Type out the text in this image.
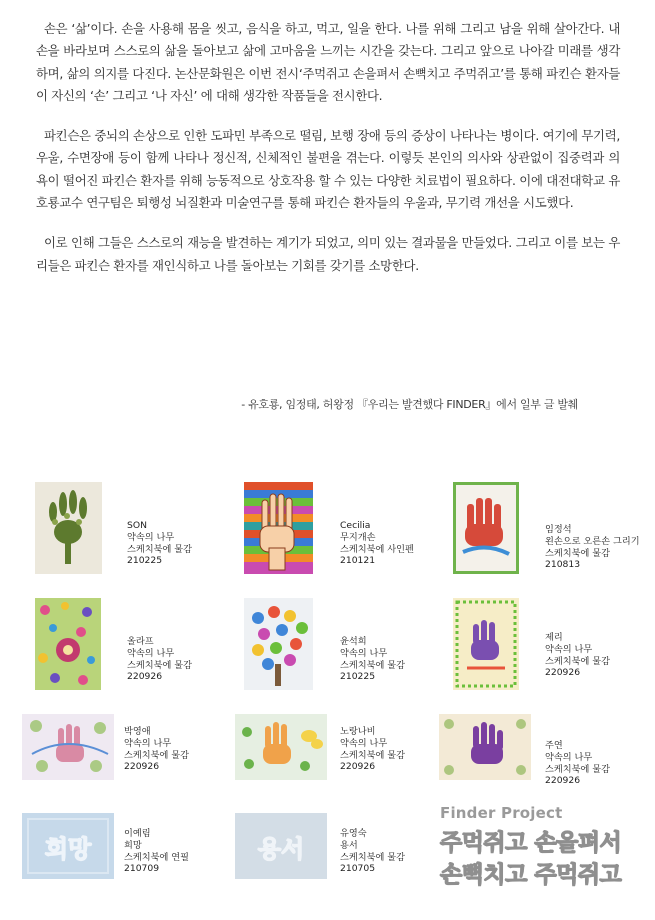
손은 ‘삶’이다. 손을 사용해 몸을 씻고, 음식을 하고, 먹고, 일을 한다. 나를 위해 그리고 남을 위해 살아간다. 내 손을 바라보며 스스로의 삶을 돌아보고 삶에 고마움을 느끼는 시간을 갖는다. 그리고 앞으로 나아갈 미래를 생각하며, 삶의 의지를 다진다. 논산문화원은 이번 전시‘주먹쥐고 손을펴서 손뼉치고 주먹쥐고’를 통해 파킨슨 환자들이 자신의 ‘손’ 그리고 ‘나 자신’ 에 대해 생각한 작품들을 전시한다.

파킨슨은 중뇌의 손상으로 인한 도파민 부족으로 떨림, 보행 장애 등의 증상이 나타나는 병이다. 여기에 무기력, 우울, 수면장애 등이 함께 나타나 정신적, 신체적인 불편을 겪는다. 이렇듯 본인의 의사와 상관없이 집중력과 의욕이 떨어진 파킨슨 환자를 위해 능동적으로 상호작용 할 수 있는 다양한 치료법이 필요하다. 이에 대전대학교 유호룡교수 연구팀은 퇴행성 뇌질환과 미술연구를 통해 파킨슨 환자들의 우울과, 무기력 개선을 시도했다.

이로 인해 그들은 스스로의 재능을 발견하는 계기가 되었고, 의미 있는 결과물을 만들었다. 그리고 이를 보는 우리들은 파킨슨 환자를 재인식하고 나를 돌아보는 기회를 갖기를 소망한다.

- 유호룡, 임정태, 허왕정 『우리는 발견했다 FINDER』에서 일부 글 발췌
SON
약속의 나무
스케치북에 물감
210225
Cecilia
무지개손
스케치북에 사인펜
210121
임정석
왼손으로 오른손 그리기
스케치북에 물감
210813
올라프
약속의 나무
스케치북에 물감
220926
윤석희
약속의 나무
스케치북에 물감
210225
제리
약속의 나무
스케치북에 물감
220926
박영애
약속의 나무
스케치북에 물감
220926
노랑나비
약속의 나무
스케치북에 물감
220926
주연
약속의 나무
스케치북에 물감
220926
희망
이예림
희망
스케치북에 연필
210709
용서
유영숙
용서
스케치북에 물감
210705
Finder Project
주먹쥐고 손을펴서
손뼉치고 주먹쥐고
